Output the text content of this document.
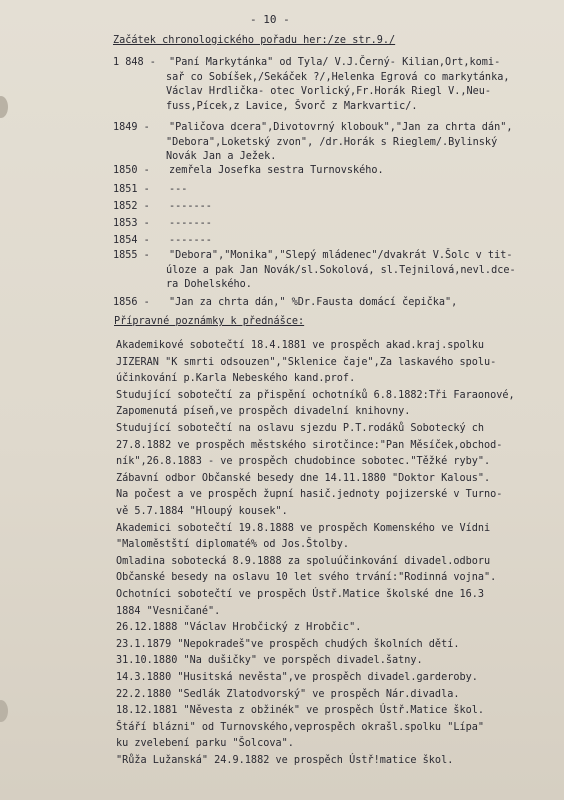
- 10 -
Začátek chronologického pořadu her:/ze str.9./
Přípravné poznámky k přednášce:
1 848 -	"Paní Markytánka" od Tyla/ V.J.Černý- Kilian,Ort,komi-
sař co Sobíšek,/Sekáček ?/,Helenka Egrová co markytánka,
Václav Hrdlička- otec Vorlický,Fr.Horák Riegl V.,Neu-
fuss,Pícek,z Lavice, Švorč z Markvartic/.
1849 -	"Paličova dcera",Divotovrný klobouk","Jan za chrta dán",
"Debora",Loketský zvon", /dr.Horák s Rieglem/.Bylinský
Novák Jan a Ježek.
1850 -	zemřela Josefka sestra Turnovského.
1851 -	---
1852 -	-------
1853 -	-------
1854 -	-------
1855 -	"Debora","Monika","Slepý mládenec"/dvakrát V.Šolc v tit-
úloze a pak Jan Novák/sl.Sokolová, sl.Tejnilová,nevl.dce-
ra Dohelského.
1856 -	"Jan za chrta dán," %Dr.Fausta domácí čepička",
Akademikové sobotečtí 18.4.1881 ve prospěch akad.kraj.spolku
JIZERAN "K smrti odsouzen","Sklenice čaje",Za laskavého spolu-
účinkování p.Karla Nebeského kand.prof.
Studující sobotečtí za přispění ochotníků 6.8.1882:Tři Faraonové,
Zapomenutá píseň,ve prospěch divadelní knihovny.
Studující sobotečtí na oslavu sjezdu P.T.rodáků Sobotecký ch
27.8.1882 ve prospěch městského sirotčince:"Pan Měsíček,obchod-
ník",26.8.1883 - ve prospěch chudobince sobotec."Těžké ryby".
Zábavní odbor Občanské besedy dne 14.11.1880 "Doktor Kalous".
Na počest a ve prospěch župní hasič.jednoty pojizerské v Turno-
vě 5.7.1884 "Hloupý kousek".
Akademici sobotečtí 19.8.1888 ve prospěch Komenského ve Vídni
"Maloměstští diplomaté% od Jos.Štolby.
Omladina sobotecká 8.9.1888 za spoluúčinkování divadel.odboru
Občanské besedy na oslavu 10 let svého trvání:"Rodinná vojna".
Ochotníci sobotečtí ve prospěch Ústř.Matice školské dne 16.3
1884 "Vesničané".
26.12.1888 "Václav Hrobčický z Hrobčic".
23.1.1879 "Nepokradeš"ve prospěch chudých školních dětí.
31.10.1880 "Na dušičky" ve porspěch divadel.šatny.
14.3.1880 "Husitská nevěsta",ve prospěch divadel.garderoby.
22.2.1880 "Sedlák Zlatodvorský" ve prospěch Nár.divadla.
18.12.1881 "Něvesta z obžinék" ve prospěch Ústř.Matice škol.
Štáří blázni" od Turnovského,veprospěch okrašl.spolku "Lípa"
ku zvelebení parku "Šolcova".
"Růža Lužanská" 24.9.1882 ve prospěch Ústř!matice škol.
